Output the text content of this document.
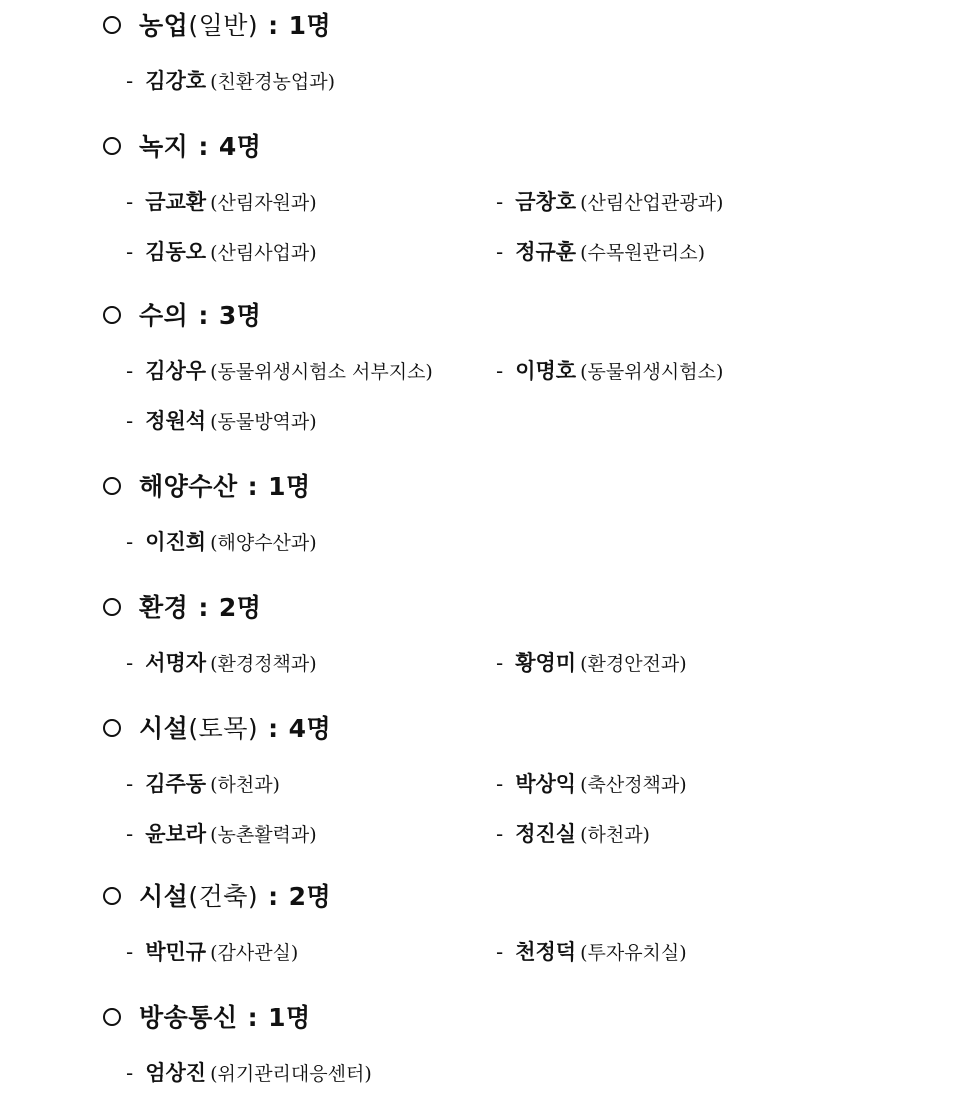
농업(일반) : 1명
- 김강호 (친환경농업과)
녹지 : 4명
- 금교환 (산림자원과)	- 금창호 (산림산업관광과)
- 김동오 (산림사업과)	- 정규훈 (수목원관리소)
수의 : 3명
- 김상우 (동물위생시험소 서부지소)	- 이명호 (동물위생시험소)
- 정원석 (동물방역과)
해양수산 : 1명
- 이진희 (해양수산과)
환경 : 2명
- 서명자 (환경정책과)	- 황영미 (환경안전과)
시설(토목) : 4명
- 김주동 (하천과)	- 박상익 (축산정책과)
- 윤보라 (농촌활력과)	- 정진실 (하천과)
시설(건축) : 2명
- 박민규 (감사관실)	- 천정덕 (투자유치실)
방송통신 : 1명
- 엄상진 (위기관리대응센터)
